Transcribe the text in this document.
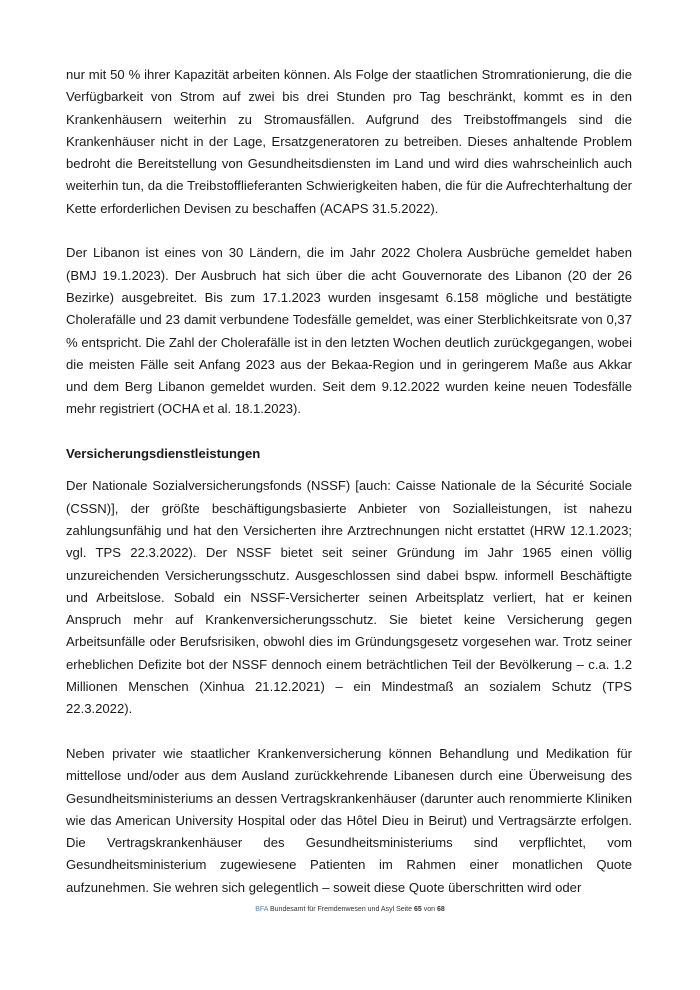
nur mit 50 % ihrer Kapazität arbeiten können. Als Folge der staatlichen Stromrationierung, die die Verfügbarkeit von Strom auf zwei bis drei Stunden pro Tag beschränkt, kommt es in den Krankenhäusern weiterhin zu Stromausfällen. Aufgrund des Treibstoffmangels sind die Krankenhäuser nicht in der Lage, Ersatzgeneratoren zu betreiben. Dieses anhaltende Problem bedroht die Bereitstellung von Gesundheitsdiensten im Land und wird dies wahrscheinlich auch weiterhin tun, da die Treibstofflieferanten Schwierigkeiten haben, die für die Aufrechterhaltung der Kette erforderlichen Devisen zu beschaffen (ACAPS 31.5.2022).

Der Libanon ist eines von 30 Ländern, die im Jahr 2022 Cholera Ausbrüche gemeldet haben (BMJ 19.1.2023). Der Ausbruch hat sich über die acht Gouvernorate des Libanon (20 der 26 Bezirke) ausgebreitet. Bis zum 17.1.2023 wurden insgesamt 6.158 mögliche und bestätigte Cholerafälle und 23 damit verbundene Todesfälle gemeldet, was einer Sterblichkeitsrate von 0,37 % entspricht. Die Zahl der Cholerafälle ist in den letzten Wochen deutlich zurückgegangen, wobei die meisten Fälle seit Anfang 2023 aus der Bekaa-Region und in geringerem Maße aus Akkar und dem Berg Libanon gemeldet wurden. Seit dem 9.12.2022 wurden keine neuen Todesfälle mehr registriert (OCHA et al. 18.1.2023).

Versicherungsdienstleistungen

Der Nationale Sozialversicherungsfonds (NSSF) [auch: Caisse Nationale de la Sécurité Sociale (CSSN)], der größte beschäftigungsbasierte Anbieter von Sozialleistungen, ist nahezu zahlungsunfähig und hat den Versicherten ihre Arztrechnungen nicht erstattet (HRW 12.1.2023; vgl. TPS 22.3.2022). Der NSSF bietet seit seiner Gründung im Jahr 1965 einen völlig unzureichenden Versicherungsschutz. Ausgeschlossen sind dabei bspw. informell Beschäftigte und Arbeitslose. Sobald ein NSSF-Versicherter seinen Arbeitsplatz verliert, hat er keinen Anspruch mehr auf Krankenversicherungsschutz. Sie bietet keine Versicherung gegen Arbeitsunfälle oder Berufsrisiken, obwohl dies im Gründungsgesetz vorgesehen war. Trotz seiner erheblichen Defizite bot der NSSF dennoch einem beträchtlichen Teil der Bevölkerung – c.a. 1.2 Millionen Menschen (Xinhua 21.12.2021) – ein Mindestmaß an sozialem Schutz (TPS 22.3.2022).

Neben privater wie staatlicher Krankenversicherung können Behandlung und Medikation für mittellose und/oder aus dem Ausland zurückkehrende Libanesen durch eine Überweisung des Gesundheitsministeriums an dessen Vertragskrankenhäuser (darunter auch renommierte Kliniken wie das American University Hospital oder das Hôtel Dieu in Beirut) und Vertragsärzte erfolgen. Die Vertragskrankenhäuser des Gesundheitsministeriums sind verpflichtet, vom Gesundheitsministerium zugewiesene Patienten im Rahmen einer monatlichen Quote aufzunehmen. Sie wehren sich gelegentlich – soweit diese Quote überschritten wird oder

BFA Bundesamt für Fremdenwesen und Asyl Seite 65 von 68
